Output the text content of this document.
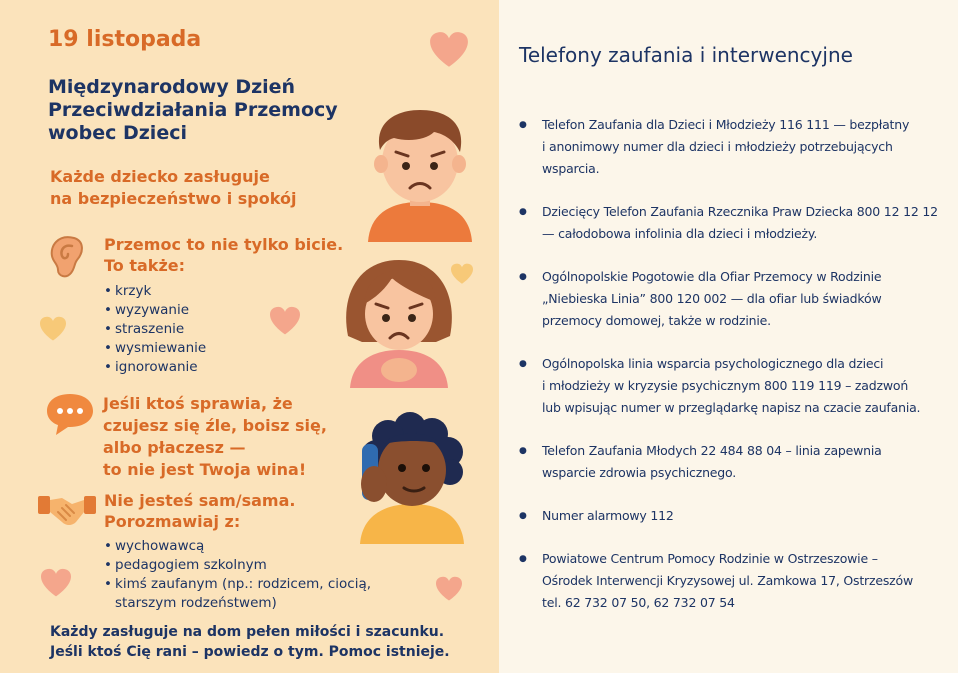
19 listopada
Międzynarodowy Dzień
Przeciwdziałania Przemocy
wobec Dzieci
Każde dziecko zasługuje
na bezpieczeństwo i spokój
Przemoc to nie tylko bicie.
To także:
• krzyk
• wyzywanie
• straszenie
• wysmiewanie
• ignorowanie
Jeśli ktoś sprawia, że
czujesz się źle, boisz się,
albo płaczesz —
to nie jest Twoja wina!
Nie jesteś sam/sama.
Porozmawiaj z:
• wychowawcą
• pedagogiem szkolnym
• kimś zaufanym (np.: rodzicem, ciocią,
starszym rodzeństwem)
Każdy zasługuje na dom pełen miłości i szacunku.
Jeśli ktoś Cię rani – powiedz o tym. Pomoc istnieje.
Telefony zaufania i interwencyjne
● Telefon Zaufania dla Dzieci i Młodzieży 116 111 — bezpłatny
i anonimowy numer dla dzieci i młodzieży potrzebujących
wsparcia.
● Dziecięcy Telefon Zaufania Rzecznika Praw Dziecka 800 12 12 12
— całodobowa infolinia dla dzieci i młodzieży.
● Ogólnopolskie Pogotowie dla Ofiar Przemocy w Rodzinie
„Niebieska Linia” 800 120 002 — dla ofiar lub świadków
przemocy domowej, także w rodzinie.
● Ogólnopolska linia wsparcia psychologicznego dla dzieci
i młodzieży w kryzysie psychicznym 800 119 119 – zadzwoń
lub wpisując numer w przeglądarkę napisz na czacie zaufania.
● Telefon Zaufania Młodych 22 484 88 04 – linia zapewnia
wsparcie zdrowia psychicznego.
● Numer alarmowy 112
● Powiatowe Centrum Pomocy Rodzinie w Ostrzeszowie –
Ośrodek Interwencji Kryzysowej ul. Zamkowa 17, Ostrzeszów
tel. 62 732 07 50, 62 732 07 54
